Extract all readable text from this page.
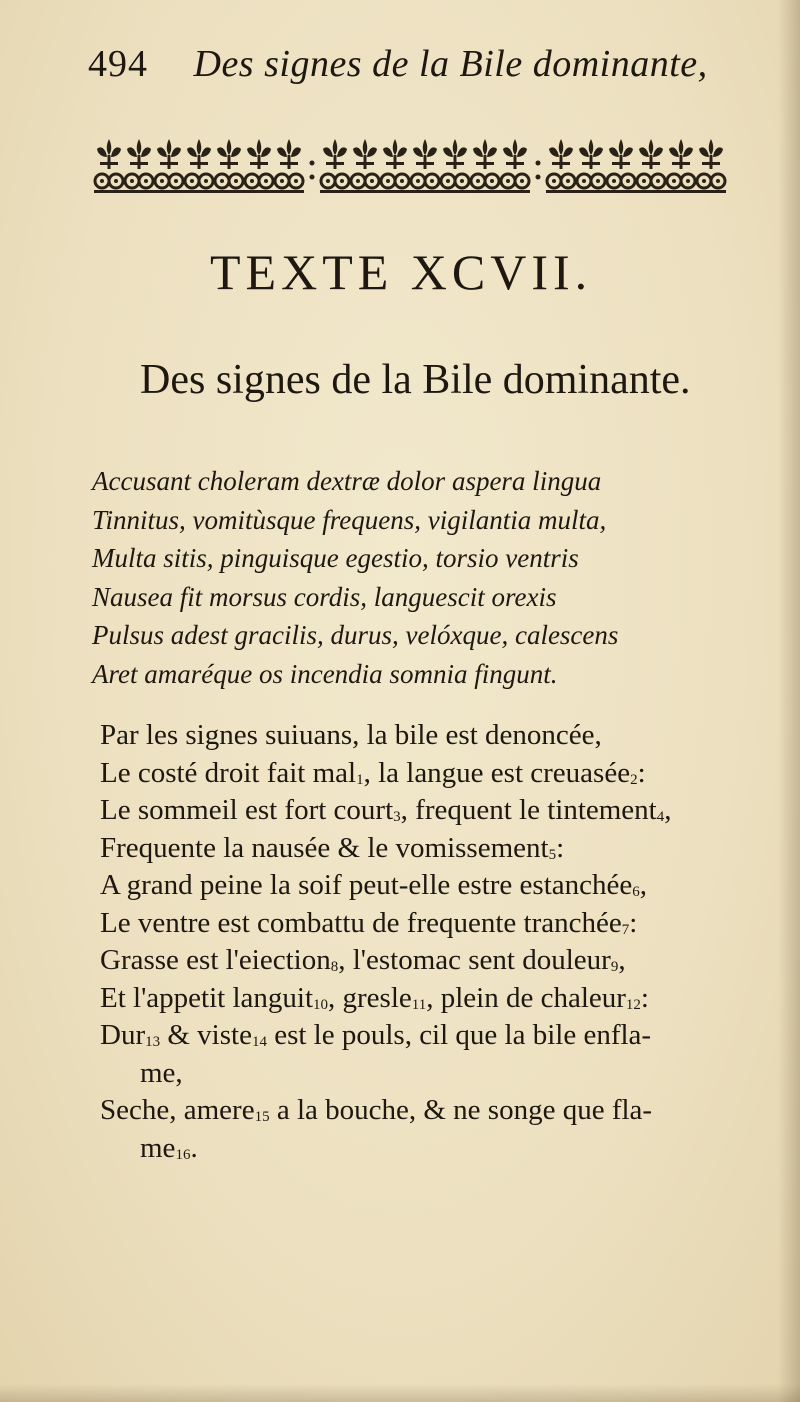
494 Des signes de la Bile dominante,
TEXTE XCVII.
Des signes de la Bile dominante.
Accusant choleram dextræ dolor aspera lingua
Tinnitus, vomitùsque frequens, vigilantia multa,
Multa sitis, pinguisque egestio, torsio ventris
Nausea fit morsus cordis, languescit orexis
Pulsus adest gracilis, durus, velóxque, calescens
Aret amaréque os incendia somnia fingunt.
Par les signes suiuans, la bile est denoncée,
Le costé droit fait mal1, la langue est creuasée2:
Le sommeil est fort court3, frequent le tintement4,
Frequente la nausée & le vomissement5:
A grand peine la soif peut-elle estre estanchée6,
Le ventre est combattu de frequente tranchée7:
Grasse est l'eiection8, l'estomac sent douleur9,
Et l'appetit languit10, gresle11, plein de chaleur12:
Dur13 & viste14 est le pouls, cil que la bile enfla-
me,
Seche, amere15 a la bouche, & ne songe que fla-
me16.
